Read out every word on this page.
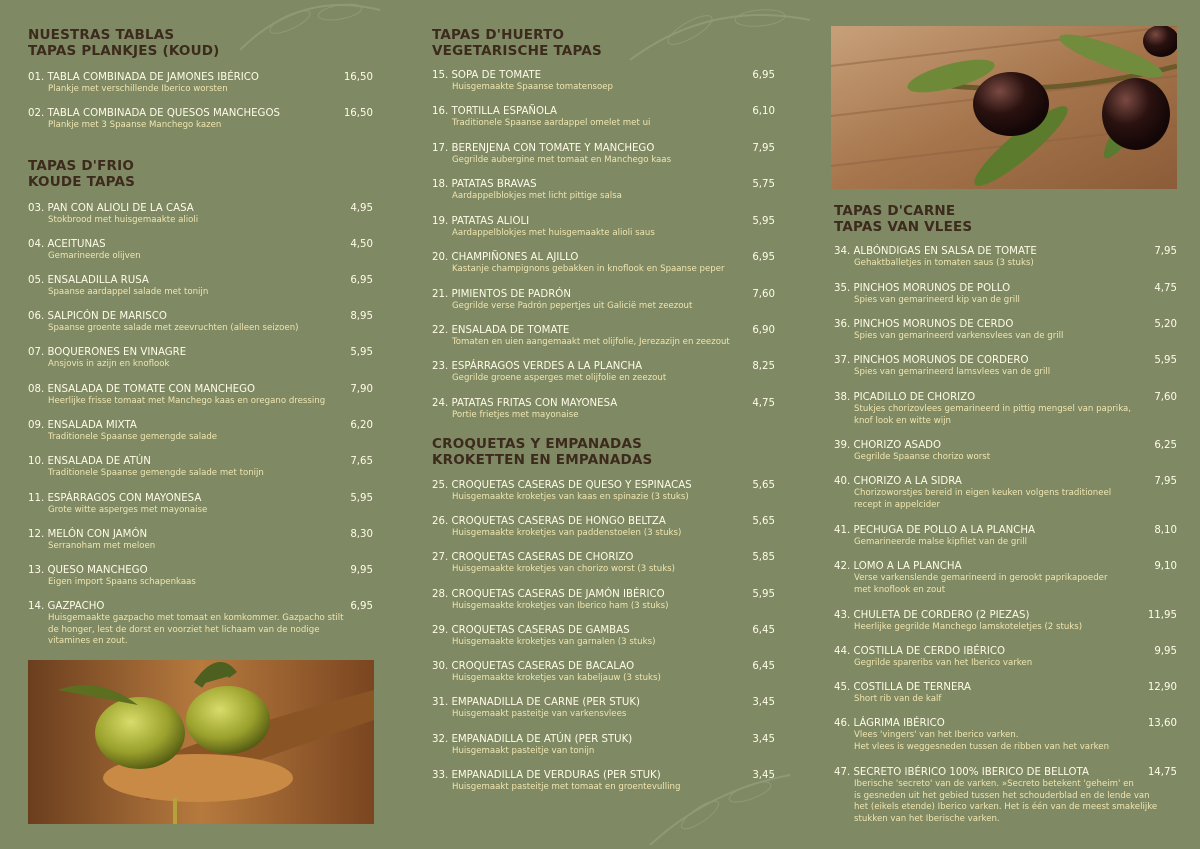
NUESTRAS TABLAS
TAPAS PLANKJES (KOUD)
01. TABLA COMBINADA DE JAMONES IBÉRICO	16,50
Plankje met verschillende Iberico worsten
02. TABLA COMBINADA DE QUESOS MANCHEGOS	16,50
Plankje met 3 Spaanse Manchego kazen
TAPAS D'FRIO
KOUDE TAPAS
03. PAN CON ALIOLI DE LA CASA	4,95
Stokbrood met huisgemaakte alioli
04. ACEITUNAS	4,50
Gemarineerde olijven
05. ENSALADILLA RUSA	6,95
Spaanse aardappel salade met tonijn
06. SALPICÓN DE MARISCO	8,95
Spaanse groente salade met zeevruchten (alleen seizoen)
07. BOQUERONES EN VINAGRE	5,95
Ansjovis in azijn en knoflook
08. ENSALADA DE TOMATE CON MANCHEGO	7,90
Heerlijke frisse tomaat met Manchego kaas en oregano dressing
09. ENSALADA MIXTA	6,20
Traditionele Spaanse gemengde salade
10. ENSALADA DE ATÚN	7,65
Traditionele Spaanse gemengde salade met tonijn
11. ESPÁRRAGOS CON MAYONESA	5,95
Grote witte asperges met mayonaise
12. MELÓN CON JAMÓN	8,30
Serranoham met meloen
13. QUESO MANCHEGO	9,95
Eigen import Spaans schapenkaas
14. GAZPACHO	6,95
Huisgemaakte gazpacho met tomaat en komkommer. Gazpacho stilt
de honger, lest de dorst en voorziet het lichaam van de nodige
vitamines en zout.
TAPAS D'HUERTO
VEGETARISCHE TAPAS
15. SOPA DE TOMATE	6,95
Huisgemaakte Spaanse tomatensoep
16. TORTILLA ESPAÑOLA	6,10
Traditionele Spaanse aardappel omelet met ui
17. BERENJENA CON TOMATE Y MANCHEGO	7,95
Gegrilde aubergine met tomaat en Manchego kaas
18. PATATAS BRAVAS	5,75
Aardappelblokjes met licht pittige salsa
19. PATATAS ALIOLI	5,95
Aardappelblokjes met huisgemaakte alioli saus
20. CHAMPIÑONES AL AJILLO	6,95
Kastanje champignons gebakken in knoflook en Spaanse peper
21. PIMIENTOS DE PADRÓN	7,60
Gegrilde verse Padrón pepertjes uit Galicië met zeezout
22. ENSALADA DE TOMATE	6,90
Tomaten en uien aangemaakt met olijfolie, Jerezazijn en zeezout
23. ESPÁRRAGOS VERDES A LA PLANCHA	8,25
Gegrilde groene asperges met olijfolie en zeezout
24. PATATAS FRITAS CON MAYONESA	4,75
Portie frietjes met mayonaise
CROQUETAS Y EMPANADAS
KROKETTEN EN EMPANADAS
25. CROQUETAS CASERAS DE QUESO Y ESPINACAS	5,65
Huisgemaakte kroketjes van kaas en spinazie (3 stuks)
26. CROQUETAS CASERAS DE HONGO BELTZA	5,65
Huisgemaakte kroketjes van paddenstoelen (3 stuks)
27. CROQUETAS CASERAS DE CHORIZO	5,85
Huisgemaakte kroketjes van chorizo worst (3 stuks)
28. CROQUETAS CASERAS DE JAMÓN IBÉRICO	5,95
Huisgemaakte kroketjes van Iberico ham (3 stuks)
29. CROQUETAS CASERAS DE GAMBAS	6,45
Huisgemaakte kroketjes van garnalen (3 stuks)
30. CROQUETAS CASERAS DE BACALAO	6,45
Huisgemaakte kroketjes van kabeljauw (3 stuks)
31. EMPANADILLA DE CARNE (PER STUK)	3,45
Huisgemaakt pasteitje van varkensvlees
32. EMPANADILLA DE ATÚN (PER STUK)	3,45
Huisgemaakt pasteitje van tonijn
33. EMPANADILLA DE VERDURAS (PER STUK)	3,45
Huisgemaakt pasteitje met tomaat en groentevulling
TAPAS D'CARNE
TAPAS VAN VLEES
34. ALBÓNDIGAS EN SALSA DE TOMATE	7,95
Gehaktballetjes in tomaten saus (3 stuks)
35. PINCHOS MORUNOS DE POLLO	4,75
Spies van gemarineerd kip van de grill
36. PINCHOS MORUNOS DE CERDO	5,20
Spies van gemarineerd varkensvlees van de grill
37. PINCHOS MORUNOS DE CORDERO	5,95
Spies van gemarineerd lamsvlees van de grill
38. PICADILLO DE CHORIZO	7,60
Stukjes chorizovlees gemarineerd in pittig mengsel van paprika,
knof look en witte wijn
39. CHORIZO ASADO	6,25
Gegrilde Spaanse chorizo worst
40. CHORIZO A LA SIDRA	7,95
Chorizoworstjes bereid in eigen keuken volgens traditioneel
recept in appelcider
41. PECHUGA DE POLLO A LA PLANCHA	8,10
Gemarineerde malse kipfilet van de grill
42. LOMO A LA PLANCHA	9,10
Verse varkenslende gemarineerd in gerookt paprikapoeder
met knoflook en zout
43. CHULETA DE CORDERO (2 PIEZAS)	11,95
Heerlijke gegrilde Manchego lamskoteletjes (2 stuks)
44. COSTILLA DE CERDO IBÉRICO	9,95
Gegrilde spareribs van het Iberico varken
45. COSTILLA DE TERNERA	12,90
Short rib van de kalf
46. LÁGRIMA IBÉRICO	13,60
Vlees 'vingers' van het Iberico varken.
Het vlees is weggesneden tussen de ribben van het varken
47. SECRETO IBÉRICO 100% IBERICO DE BELLOTA	14,75
Iberische 'secreto' van de varken. »Secreto betekent 'geheim' en
is gesneden uit het gebied tussen het schouderblad en de lende van
het (eikels etende) Iberico varken. Het is één van de meest smakelijke
stukken van het Iberische varken.
